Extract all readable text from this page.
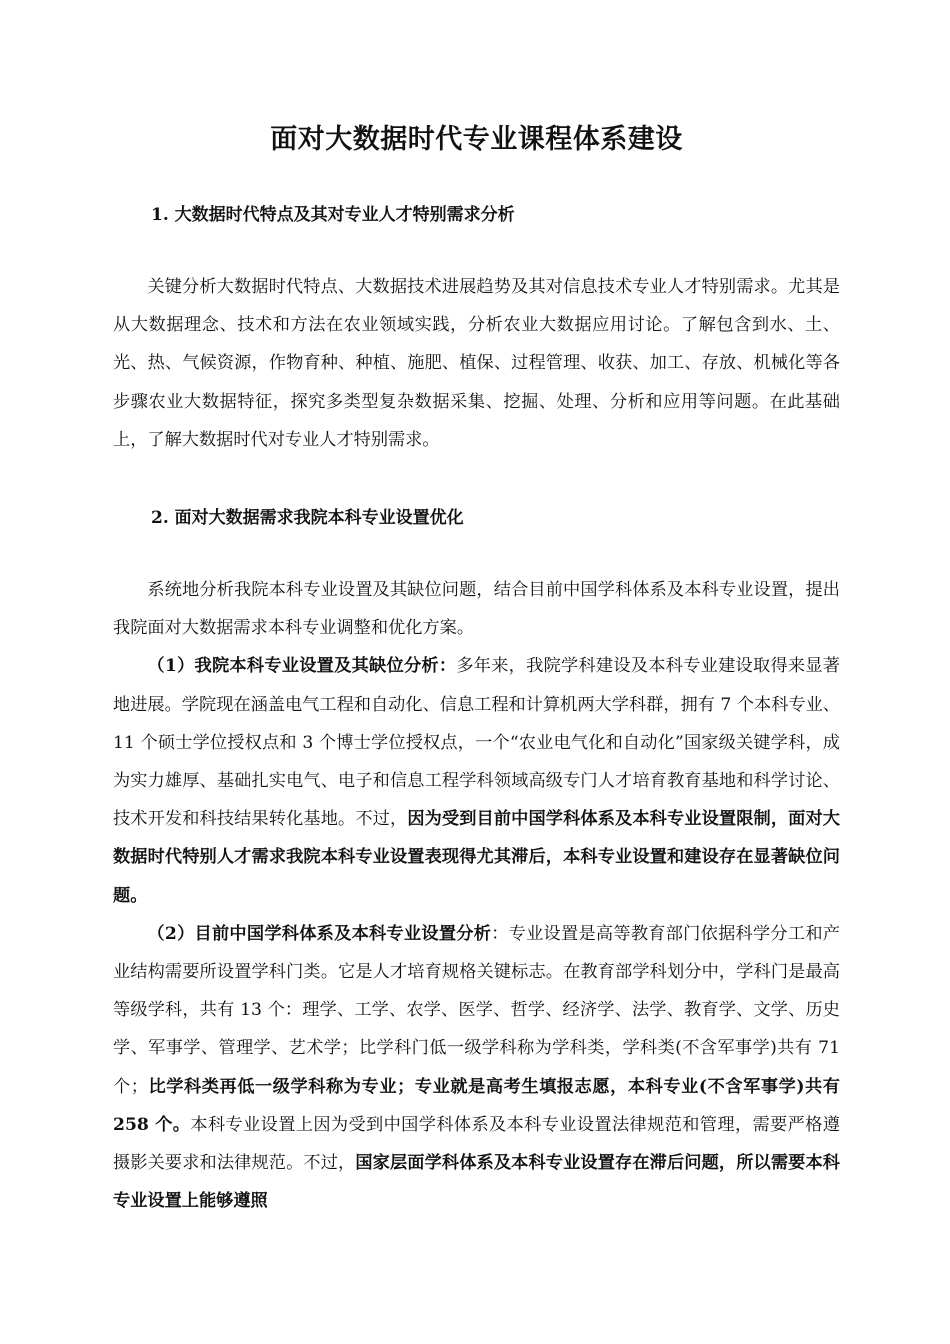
面对大数据时代专业课程体系建设
1. 大数据时代特点及其对专业人才特别需求分析

关键分析大数据时代特点、大数据技术进展趋势及其对信息技术专业人才特别需求。尤其是从大数据理念、技术和方法在农业领域实践，分析农业大数据应用讨论。了解包含到水、土、光、热、气候资源，作物育种、种植、施肥、植保、过程管理、收获、加工、存放、机械化等各步骤农业大数据特征，探究多类型复杂数据采集、挖掘、处理、分析和应用等问题。在此基础上，了解大数据时代对专业人才特别需求。

2. 面对大数据需求我院本科专业设置优化

系统地分析我院本科专业设置及其缺位问题，结合目前中国学科体系及本科专业设置，提出我院面对大数据需求本科专业调整和优化方案。

（1）我院本科专业设置及其缺位分析：多年来，我院学科建设及本科专业建设取得来显著地进展。学院现在涵盖电气工程和自动化、信息工程和计算机两大学科群，拥有 7 个本科专业、11 个硕士学位授权点和 3 个博士学位授权点，一个“农业电气化和自动化”国家级关键学科，成为实力雄厚、基础扎实电气、电子和信息工程学科领域高级专门人才培育教育基地和科学讨论、技术开发和科技结果转化基地。不过，因为受到目前中国学科体系及本科专业设置限制，面对大数据时代特别人才需求我院本科专业设置表现得尤其滞后，本科专业设置和建设存在显著缺位问题。

（2）目前中国学科体系及本科专业设置分析：专业设置是高等教育部门依据科学分工和产业结构需要所设置学科门类。它是人才培育规格关键标志。在教育部学科划分中，学科门是最高等级学科，共有 13 个：理学、工学、农学、医学、哲学、经济学、法学、教育学、文学、历史学、军事学、管理学、艺术学；比学科门低一级学科称为学科类，学科类(不含军事学)共有 71 个；比学科类再低一级学科称为专业；专业就是高考生填报志愿，本科专业(不含军事学)共有 258 个。本科专业设置上因为受到中国学科体系及本科专业设置法律规范和管理，需要严格遵摄影关要求和法律规范。不过，国家层面学科体系及本科专业设置存在滞后问题，所以需要本科专业设置上能够遵照
